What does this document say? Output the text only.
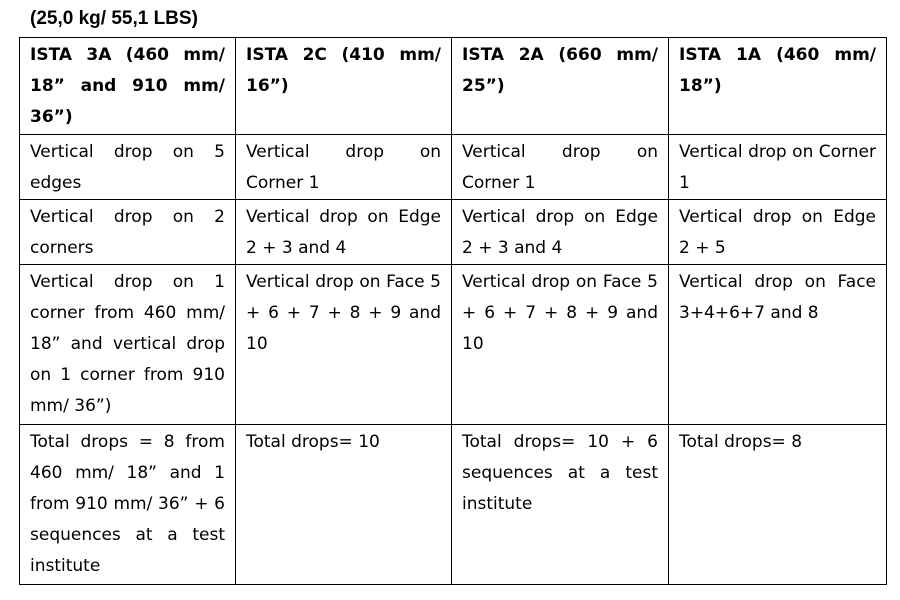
(25,0 kg/ 55,1 LBS)
ISTA 3A (460 mm/ 18” and 910 mm/ 36”)	ISTA 2C (410 mm/ 16”)	ISTA 2A (660 mm/ 25”)	ISTA 1A (460 mm/ 18”)
Vertical drop on 5 edges	Vertical drop on Corner 1	Vertical drop on Corner 1	Vertical drop on Corner 1
Vertical drop on 2 corners	Vertical drop on Edge 2 + 3 and 4	Vertical drop on Edge 2 + 3 and 4	Vertical drop on Edge 2 + 5
Vertical drop on 1 corner from 460 mm/ 18” and vertical drop on 1 corner from 910 mm/ 36”)	Vertical drop on Face 5 + 6 + 7 + 8 + 9 and 10	Vertical drop on Face 5 + 6 + 7 + 8 + 9 and 10	Vertical drop on Face 3+4+6+7 and 8
Total drops = 8 from 460 mm/ 18” and 1 from 910 mm/ 36” + 6 sequences at a test institute	Total drops= 10	Total drops= 10 + 6 sequences at a test institute	Total drops= 8
